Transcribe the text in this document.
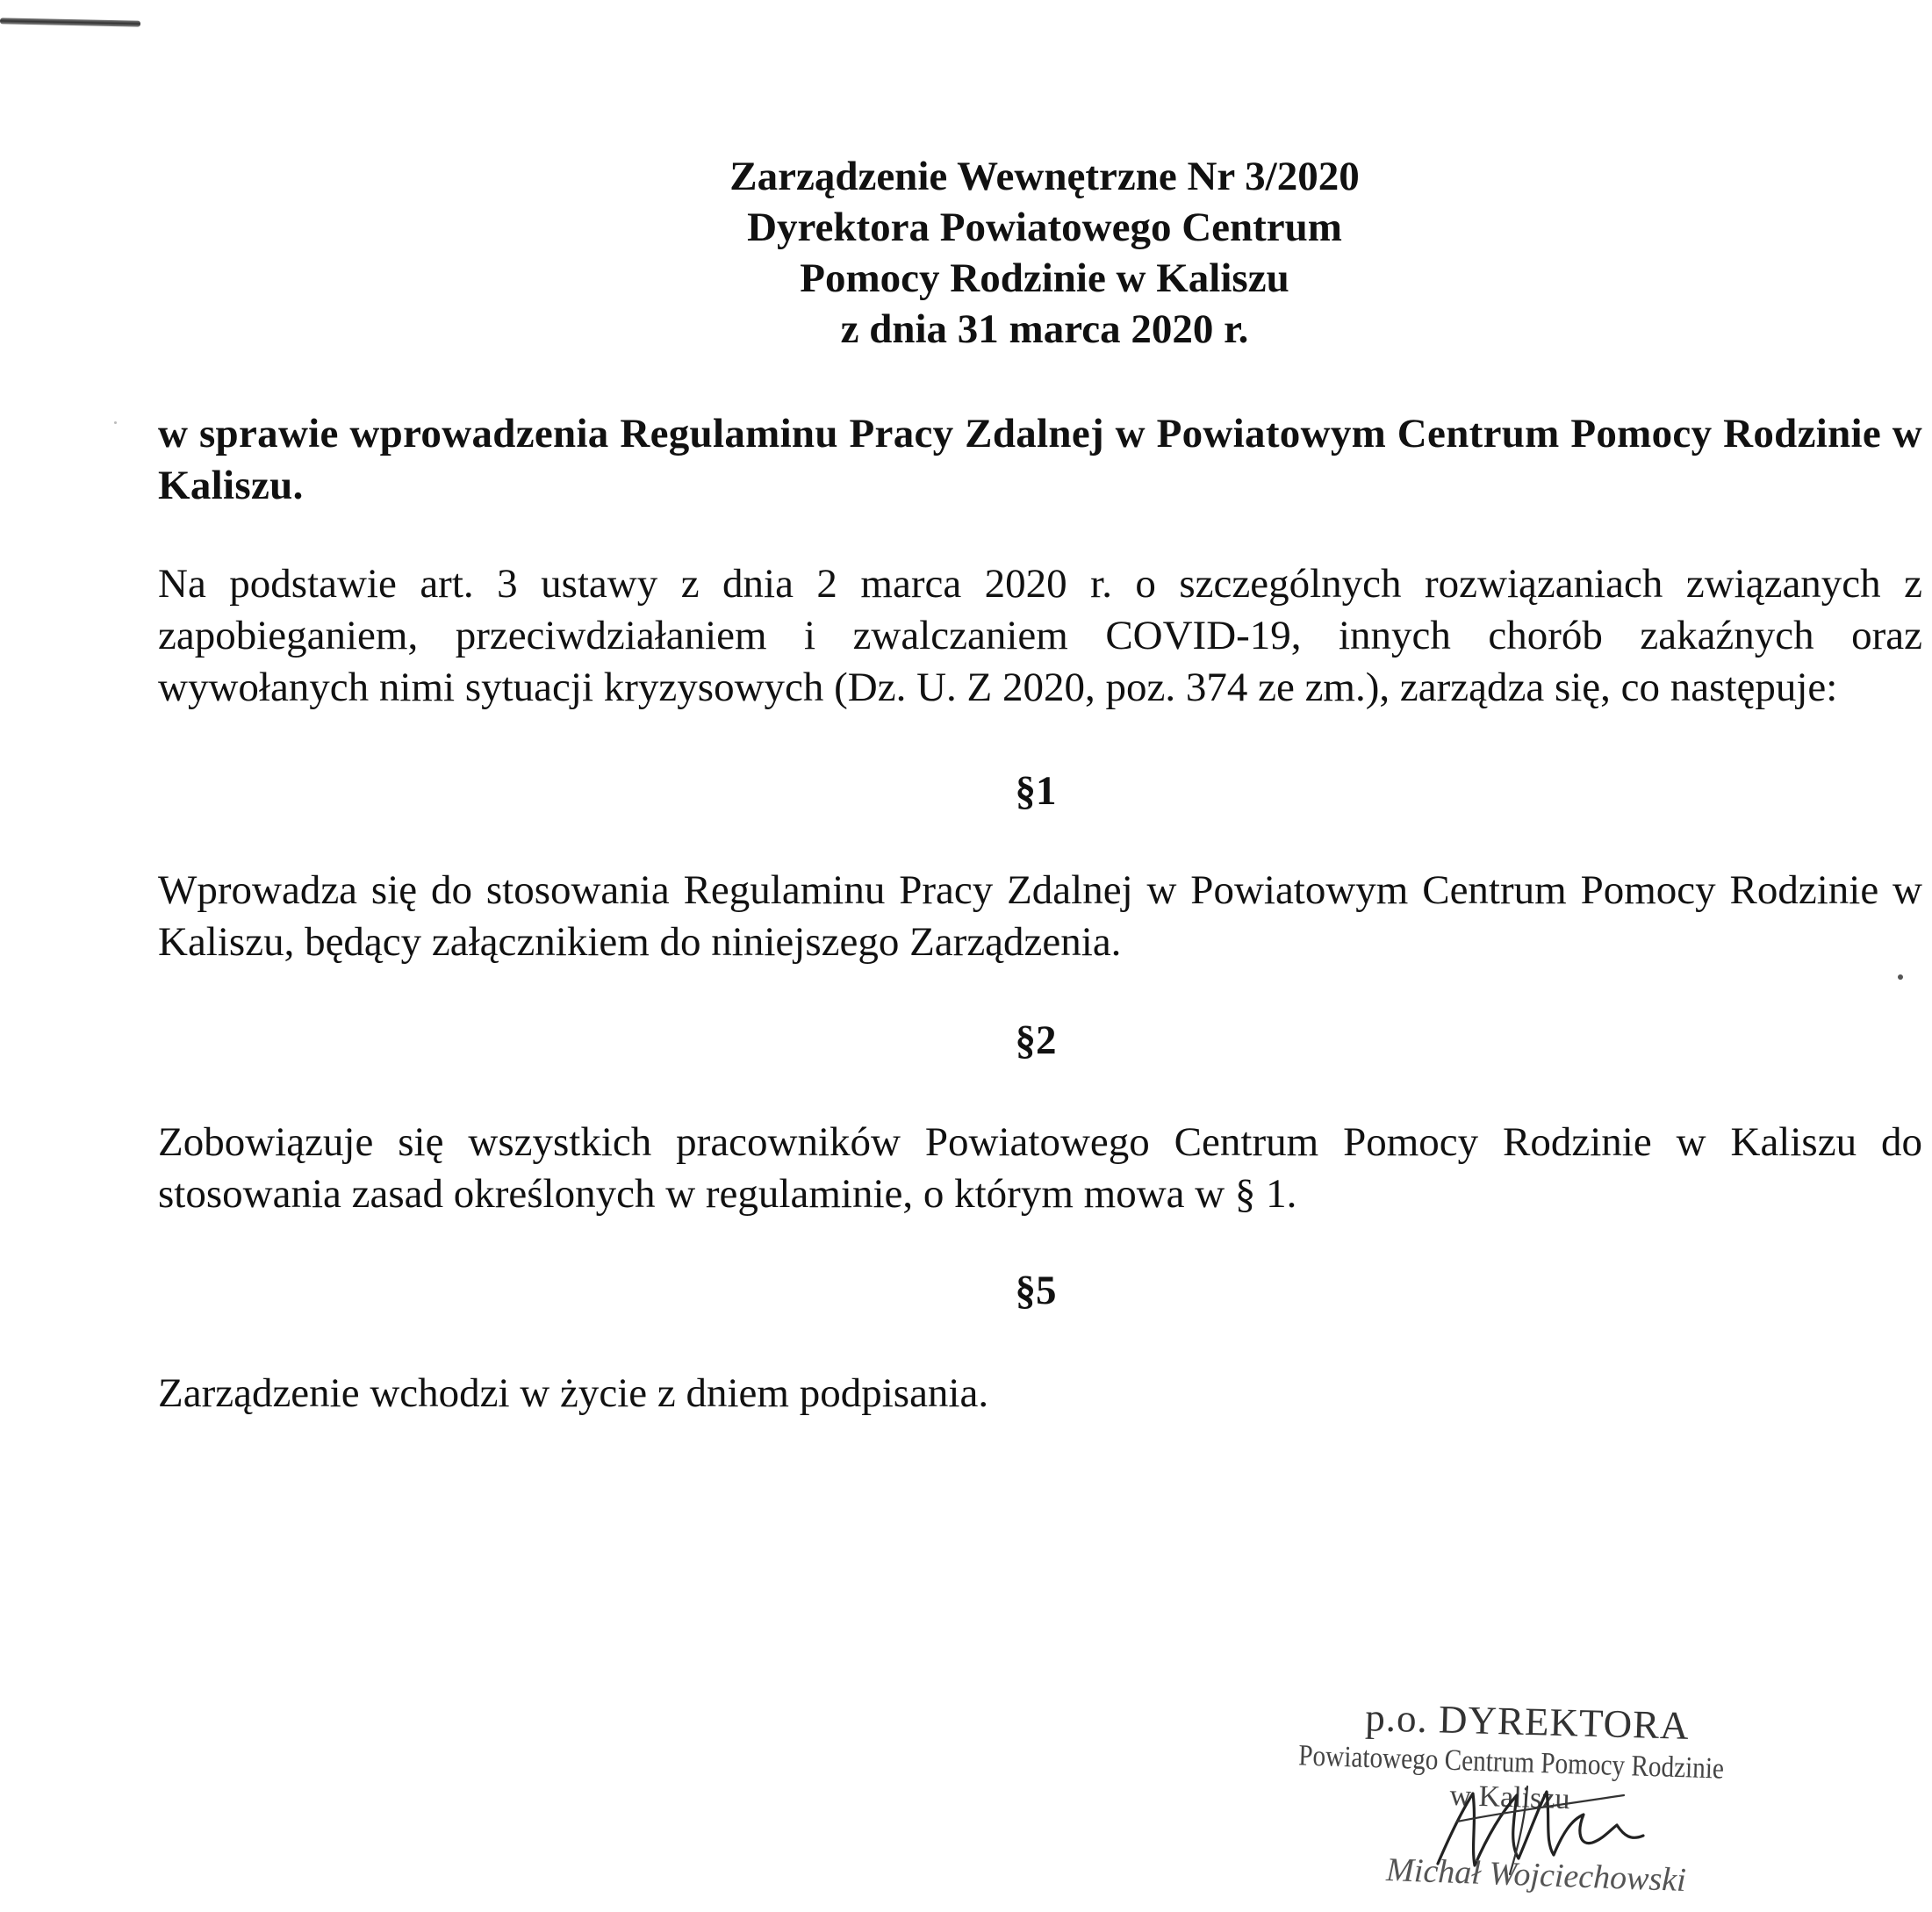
Zarządzenie Wewnętrzne Nr 3/2020
Dyrektora Powiatowego Centrum
Pomocy Rodzinie w Kaliszu
z dnia 31 marca 2020 r.
w sprawie wprowadzenia Regulaminu Pracy Zdalnej w Powiatowym Centrum Pomocy Rodzinie w Kaliszu.
Na podstawie art. 3 ustawy z dnia 2 marca 2020 r. o szczególnych rozwiązaniach związanych z zapobieganiem, przeciwdziałaniem i zwalczaniem COVID-19, innych chorób zakaźnych oraz wywołanych nimi sytuacji kryzysowych (Dz. U. Z 2020, poz. 374 ze zm.), zarządza się, co następuje:
§1
Wprowadza się do stosowania Regulaminu Pracy Zdalnej w Powiatowym Centrum Pomocy Rodzinie w Kaliszu, będący załącznikiem do niniejszego Zarządzenia.
§2
Zobowiązuje się wszystkich pracowników Powiatowego Centrum Pomocy Rodzinie w Kaliszu do stosowania zasad określonych w regulaminie, o którym mowa w § 1.
§5
Zarządzenie wchodzi w życie z dniem podpisania.
p.o. DYREKTORA
Powiatowego Centrum Pomocy Rodzinie
w Kaliszu
Michał Wojciechowski
